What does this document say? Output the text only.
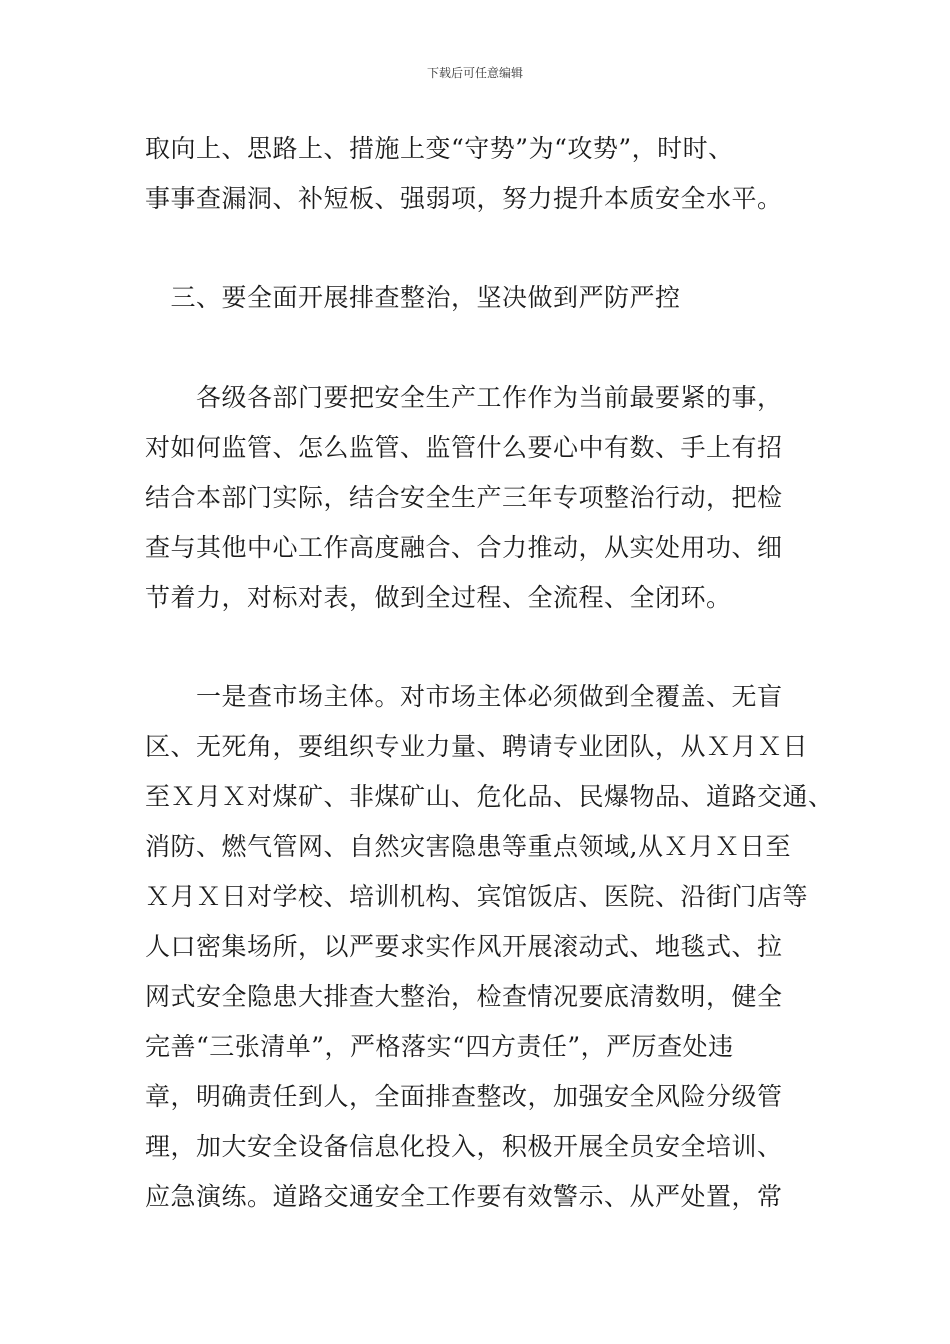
下载后可任意编辑
取向上、思路上、措施上变“守势”为“攻势”，时时、
事事查漏洞、补短板、强弱项，努力提升本质安全水平。
　三、要全面开展排查整治，坚决做到严防严控
　　各级各部门要把安全生产工作作为当前最要紧的事，
对如何监管、怎么监管、监管什么要心中有数、手上有招
结合本部门实际，结合安全生产三年专项整治行动，把检
查与其他中心工作高度融合、合力推动，从实处用功、细
节着力，对标对表，做到全过程、全流程、全闭环。
　　一是查市场主体。对市场主体必须做到全覆盖、无盲
区、无死角，要组织专业力量、聘请专业团队，从Ｘ月Ｘ日
至Ｘ月Ｘ对煤矿、非煤矿山、危化品、民爆物品、道路交通、
消防、燃气管网、自然灾害隐患等重点领域,从Ｘ月Ｘ日至
Ｘ月Ｘ日对学校、培训机构、宾馆饭店、医院、沿街门店等
人口密集场所，以严要求实作风开展滚动式、地毯式、拉
网式安全隐患大排查大整治，检查情况要底清数明，健全
完善“三张清单”，严格落实“四方责任”，严厉查处违
章，明确责任到人，全面排查整改，加强安全风险分级管
理，加大安全设备信息化投入，积极开展全员安全培训、
应急演练。道路交通安全工作要有效警示、从严处置，常
